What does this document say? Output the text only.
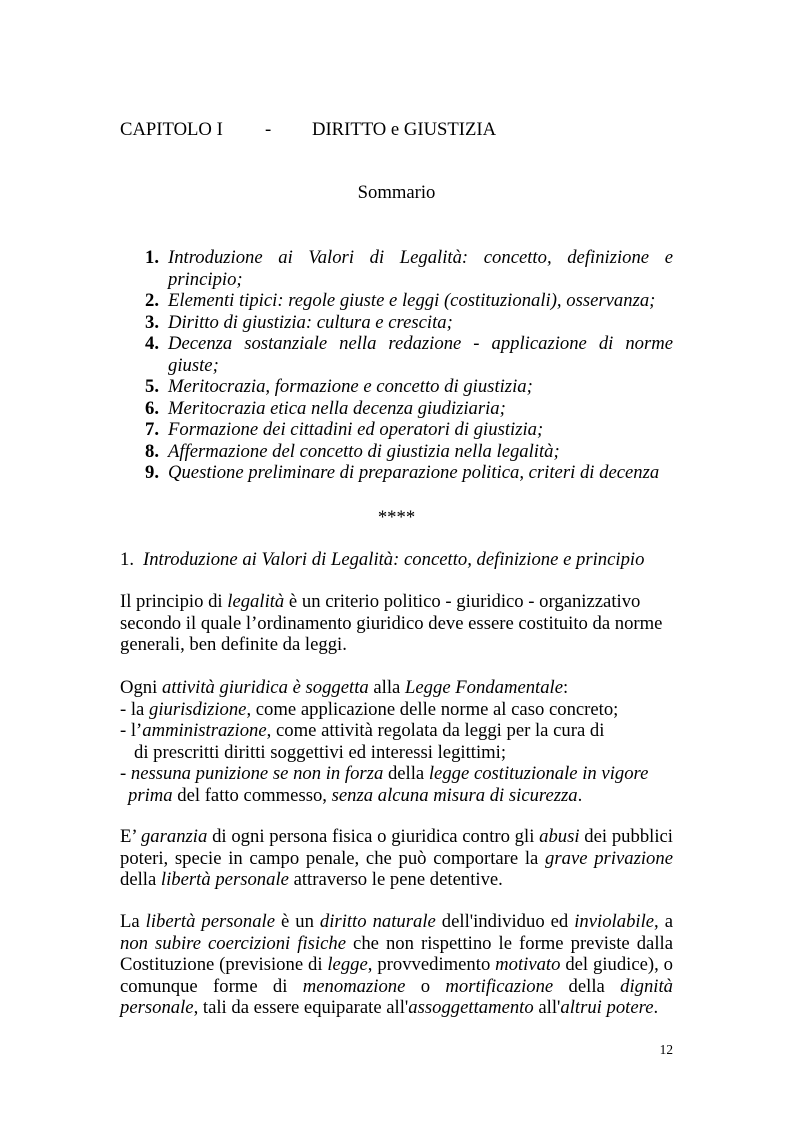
CAPITOLO I - DIRITTO e GIUSTIZIA
Sommario
1. Introduzione ai Valori di Legalità: concetto, definizione e
principio;
2. Elementi tipici: regole giuste e leggi (costituzionali), osservanza;
3. Diritto di giustizia: cultura e crescita;
4. Decenza sostanziale nella redazione - applicazione di norme
giuste;
5. Meritocrazia, formazione e concetto di giustizia;
6. Meritocrazia etica nella decenza giudiziaria;
7. Formazione dei cittadini ed operatori di giustizia;
8. Affermazione del concetto di giustizia nella legalità;
9. Questione preliminare di preparazione politica, criteri di decenza
****
1. Introduzione ai Valori di Legalità: concetto, definizione e principio
Il principio di legalità è un criterio politico - giuridico - organizzativo
secondo il quale l’ordinamento giuridico deve essere costituito da norme
generali, ben definite da leggi.
Ogni attività giuridica è soggetta alla Legge Fondamentale:
- la giurisdizione, come applicazione delle norme al caso concreto;
- l’amministrazione, come attività regolata da leggi per la cura di
di prescritti diritti soggettivi ed interessi legittimi;
- nessuna punizione se non in forza della legge costituzionale in vigore
prima del fatto commesso, senza alcuna misura di sicurezza.
E’ garanzia di ogni persona fisica o giuridica contro gli abusi dei pubblici
poteri, specie in campo penale, che può comportare la grave privazione
della libertà personale attraverso le pene detentive.
La libertà personale è un diritto naturale dell'individuo ed inviolabile, a
non subire coercizioni fisiche che non rispettino le forme previste dalla
Costituzione (previsione di legge, provvedimento motivato del giudice), o
comunque forme di menomazione o mortificazione della dignità
personale, tali da essere equiparate all'assoggettamento all'altrui potere.
12
